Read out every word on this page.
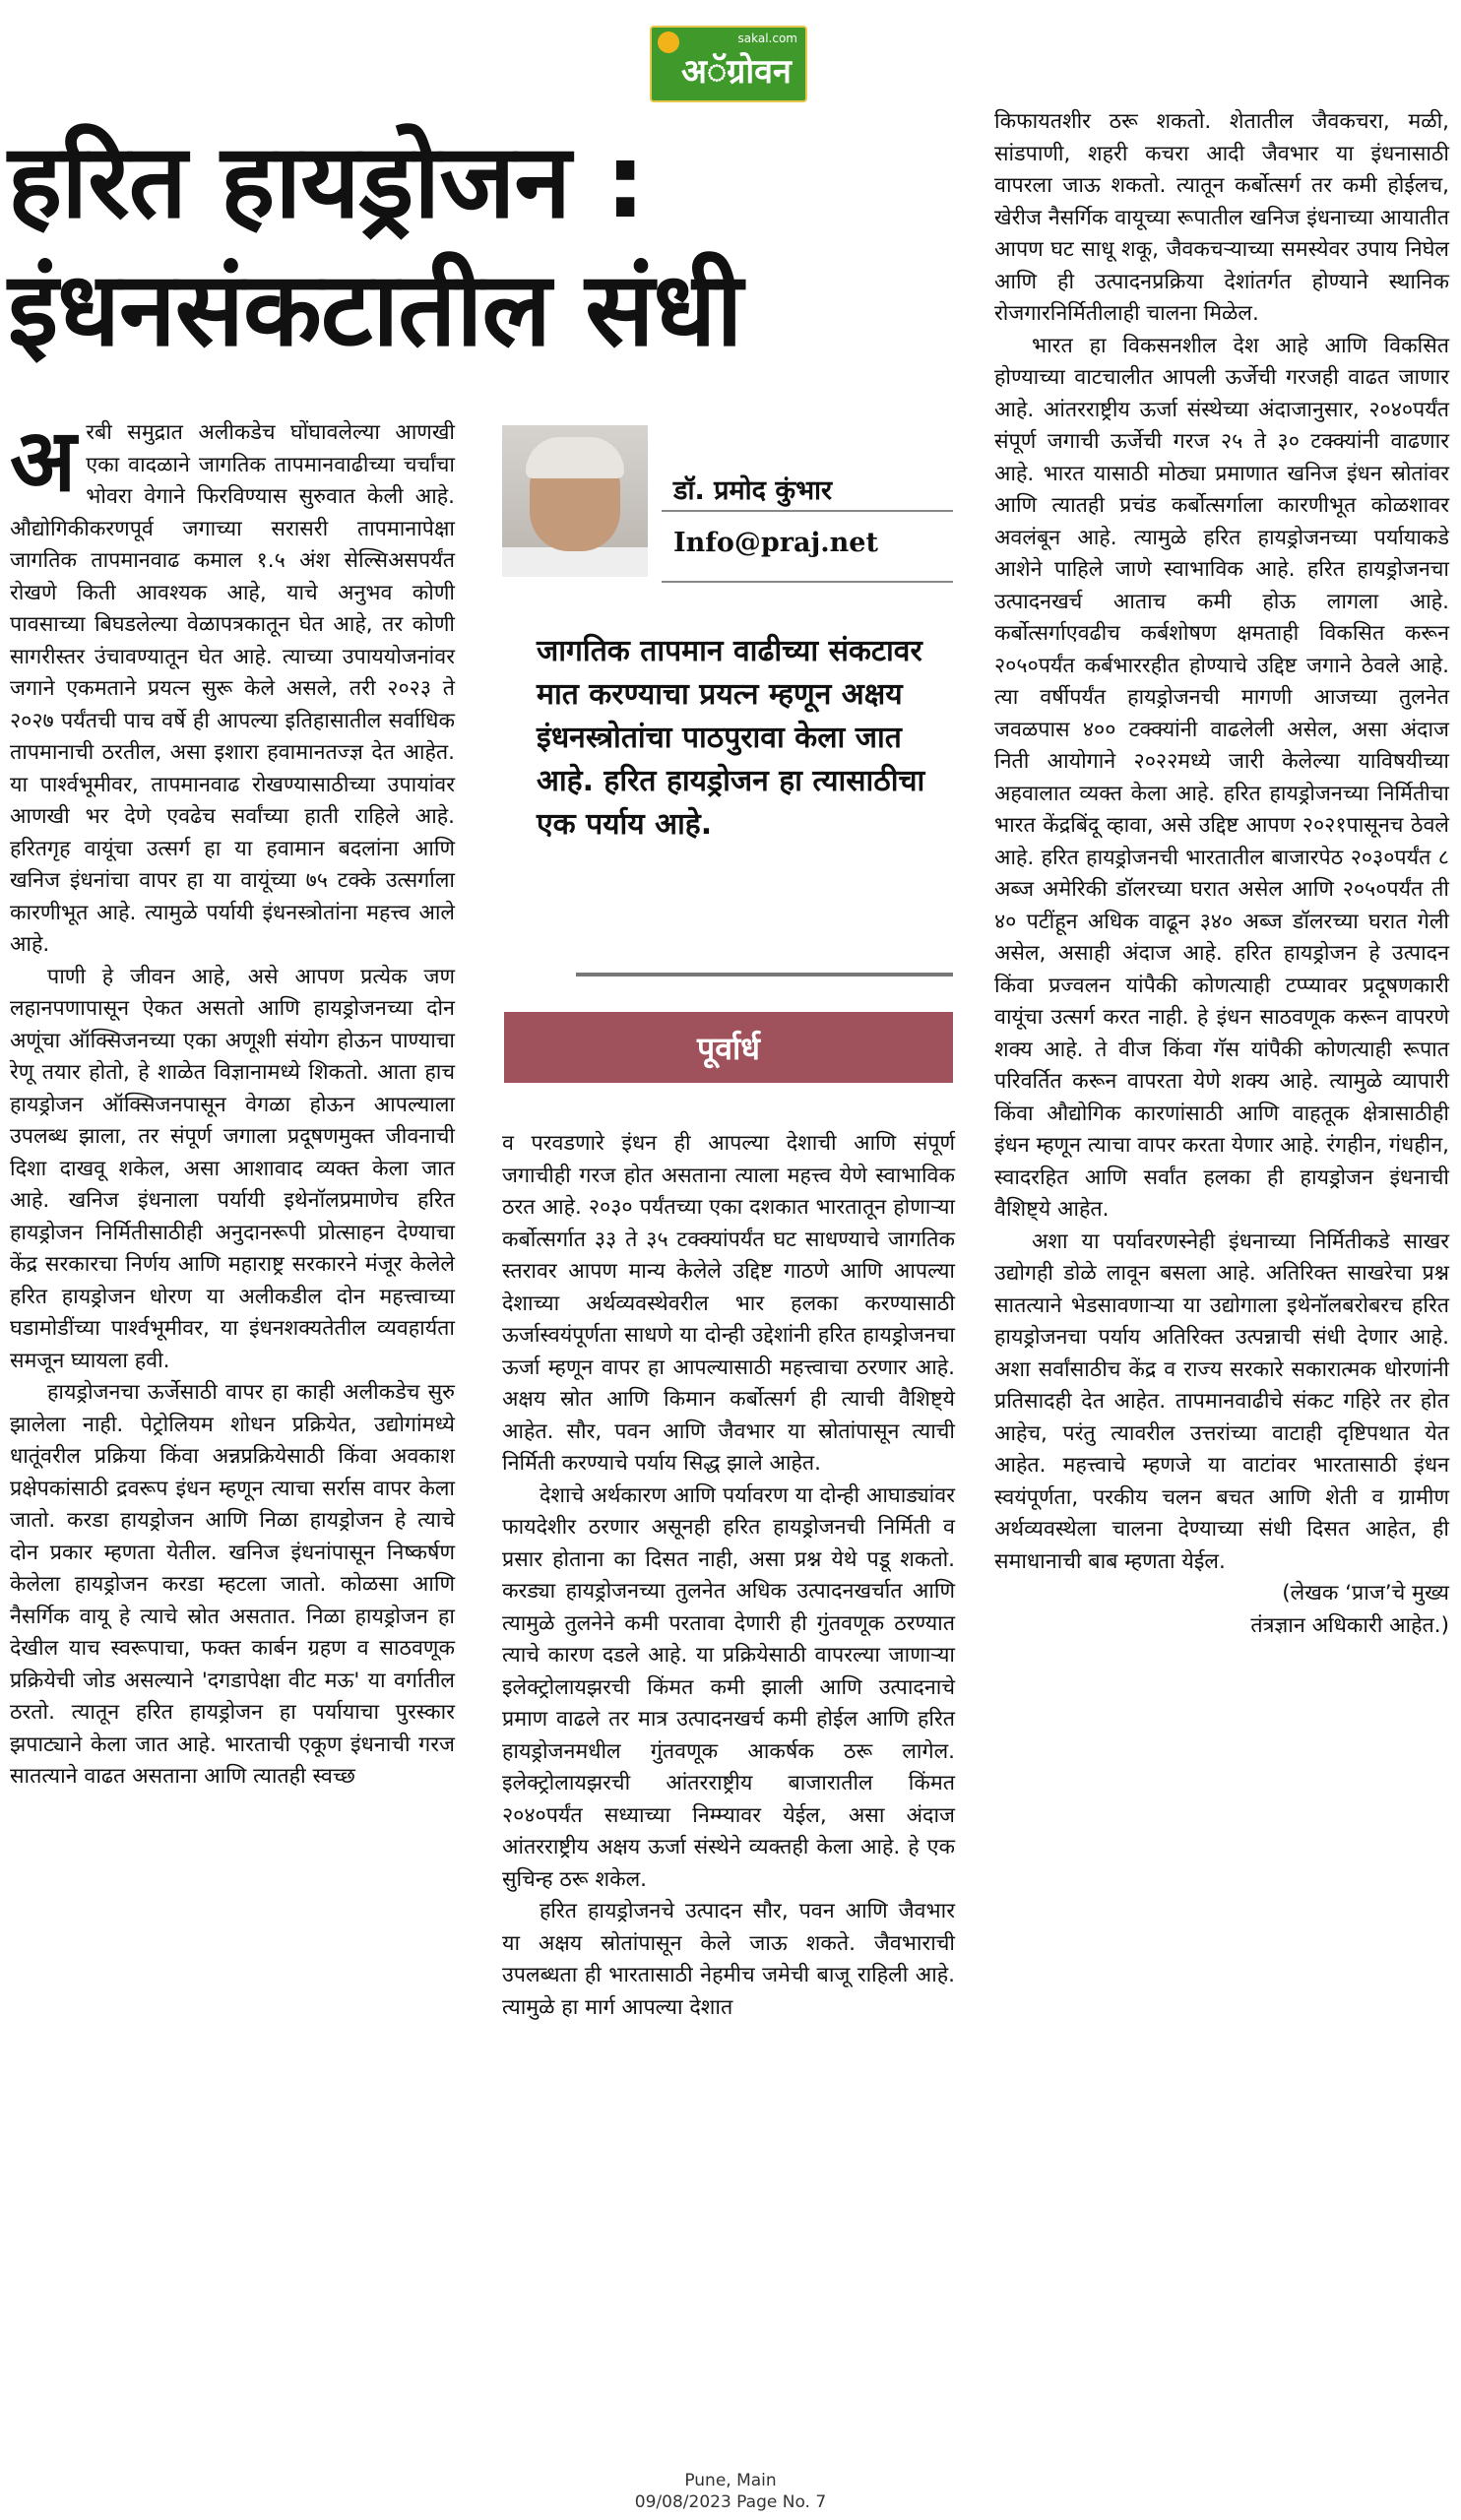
sakal.com
अॅग्रोवन
हरित हायड्रोजन :
इंधनसंकटातील संधी

अरबी समुद्रात अलीकडेच घोंघावलेल्या आणखी एका वादळाने जागतिक तापमानवाढीच्या चर्चांचा भोवरा वेगाने फिरविण्यास सुरुवात केली आहे. औद्योगिकीकरणपूर्व जगाच्या सरासरी तापमानापेक्षा जागतिक तापमानवाढ कमाल १.५ अंश सेल्सिअसपर्यंत रोखणे किती आवश्यक आहे, याचे अनुभव कोणी पावसाच्या बिघडलेल्या वेळापत्रकातून घेत आहे, तर कोणी सागरीस्तर उंचावण्यातून घेत आहे. त्याच्या उपाययोजनांवर जगाने एकमताने प्रयत्न सुरू केले असले, तरी २०२३ ते २०२७ पर्यंतची पाच वर्षे ही आपल्या इतिहासातील सर्वाधिक तापमानाची ठरतील, असा इशारा हवामानतज्ज्ञ देत आहेत. या पार्श्वभूमीवर, तापमानवाढ रोखण्यासाठीच्या उपायांवर आणखी भर देणे एवढेच सर्वांच्या हाती राहिले आहे. हरितगृह वायूंचा उत्सर्ग हा या हवामान बदलांना आणि खनिज इंधनांचा वापर हा या वायूंच्या ७५ टक्के उत्सर्गाला कारणीभूत आहे. त्यामुळे पर्यायी इंधनस्त्रोतांना महत्त्व आले आहे.

पाणी हे जीवन आहे, असे आपण प्रत्येक जण लहानपणापासून ऐकत असतो आणि हायड्रोजनच्या दोन अणूंचा ऑक्सिजनच्या एका अणूशी संयोग होऊन पाण्याचा रेणू तयार होतो, हे शाळेत विज्ञानामध्ये शिकतो. आता हाच हायड्रोजन ऑक्सिजनपासून वेगळा होऊन आपल्याला उपलब्ध झाला, तर संपूर्ण जगाला प्रदूषणमुक्त जीवनाची दिशा दाखवू शकेल, असा आशावाद व्यक्त केला जात आहे. खनिज इंधनाला पर्यायी इथेनॉलप्रमाणेच हरित हायड्रोजन निर्मितीसाठीही अनुदानरूपी प्रोत्साहन देण्याचा केंद्र सरकारचा निर्णय आणि महाराष्ट्र सरकारने मंजूर केलेले हरित हायड्रोजन धोरण या अलीकडील दोन महत्त्वाच्या घडामोडींच्या पार्श्वभूमीवर, या इंधनशक्यतेतील व्यवहार्यता समजून घ्यायला हवी.

हायड्रोजनचा ऊर्जेसाठी वापर हा काही अलीकडेच सुरु झालेला नाही. पेट्रोलियम शोधन प्रक्रियेत, उद्योगांमध्ये धातूंवरील प्रक्रिया किंवा अन्नप्रक्रियेसाठी किंवा अवकाश प्रक्षेपकांसाठी द्रवरूप इंधन म्हणून त्याचा सर्रास वापर केला जातो. करडा हायड्रोजन आणि निळा हायड्रोजन हे त्याचे दोन प्रकार म्हणता येतील. खनिज इंधनांपासून निष्कर्षण केलेला हायड्रोजन करडा म्हटला जातो. कोळसा आणि नैसर्गिक वायू हे त्याचे स्रोत असतात. निळा हायड्रोजन हा देखील याच स्वरूपाचा, फक्त कार्बन ग्रहण व साठवणूक प्रक्रियेची जोड असल्याने 'दगडापेक्षा वीट मऊ' या वर्गातील ठरतो. त्यातून हरित हायड्रोजन हा पर्यायाचा पुरस्कार झपाट्याने केला जात आहे. भारताची एकूण इंधनाची गरज सातत्याने वाढत असताना आणि त्यातही स्वच्छ

डॉ. प्रमोद कुंभार
Info@praj.net
जागतिक तापमान वाढीच्या संकटावर मात करण्याचा प्रयत्न म्हणून अक्षय इंधनस्त्रोतांचा पाठपुरावा केला जात आहे. हरित हायड्रोजन हा त्यासाठीचा एक पर्याय आहे.
पूर्वार्ध

व परवडणारे इंधन ही आपल्या देशाची आणि संपूर्ण जगाचीही गरज होत असताना त्याला महत्त्व येणे स्वाभाविक ठरत आहे. २०३० पर्यंतच्या एका दशकात भारतातून होणाऱ्या कर्बोत्सर्गात ३३ ते ३५ टक्क्यांपर्यंत घट साधण्याचे जागतिक स्तरावर आपण मान्य केलेले उद्दिष्ट गाठणे आणि आपल्या देशाच्या अर्थव्यवस्थेवरील भार हलका करण्यासाठी ऊर्जास्वयंपूर्णता साधणे या दोन्ही उद्देशांनी हरित हायड्रोजनचा ऊर्जा म्हणून वापर हा आपल्यासाठी महत्त्वाचा ठरणार आहे. अक्षय स्रोत आणि किमान कर्बोत्सर्ग ही त्याची वैशिष्ट्ये आहेत. सौर, पवन आणि जैवभार या स्रोतांपासून त्याची निर्मिती करण्याचे पर्याय सिद्ध झाले आहेत.

देशाचे अर्थकारण आणि पर्यावरण या दोन्ही आघाड्यांवर फायदेशीर ठरणार असूनही हरित हायड्रोजनची निर्मिती व प्रसार होताना का दिसत नाही, असा प्रश्न येथे पडू शकतो. करड्या हायड्रोजनच्या तुलनेत अधिक उत्पादनखर्चात आणि त्यामुळे तुलनेने कमी परतावा देणारी ही गुंतवणूक ठरण्यात त्याचे कारण दडले आहे. या प्रक्रियेसाठी वापरल्या जाणाऱ्या इलेक्ट्रोलायझरची किंमत कमी झाली आणि उत्पादनाचे प्रमाण वाढले तर मात्र उत्पादनखर्च कमी होईल आणि हरित हायड्रोजनमधील गुंतवणूक आकर्षक ठरू लागेल. इलेक्ट्रोलायझरची आंतरराष्ट्रीय बाजारातील किंमत २०४०पर्यंत सध्याच्या निम्म्यावर येईल, असा अंदाज आंतरराष्ट्रीय अक्षय ऊर्जा संस्थेने व्यक्तही केला आहे. हे एक सुचिन्ह ठरू शकेल.

हरित हायड्रोजनचे उत्पादन सौर, पवन आणि जैवभार या अक्षय स्रोतांपासून केले जाऊ शकते. जैवभाराची उपलब्धता ही भारतासाठी नेहमीच जमेची बाजू राहिली आहे. त्यामुळे हा मार्ग आपल्या देशात

किफायतशीर ठरू शकतो. शेतातील जैवकचरा, मळी, सांडपाणी, शहरी कचरा आदी जैवभार या इंधनासाठी वापरला जाऊ शकतो. त्यातून कर्बोत्सर्ग तर कमी होईलच, खेरीज नैसर्गिक वायूच्या रूपातील खनिज इंधनाच्या आयातीत आपण घट साधू शकू, जैवकचऱ्याच्या समस्येवर उपाय निघेल आणि ही उत्पादनप्रक्रिया देशांतर्गत होण्याने स्थानिक रोजगारनिर्मितीलाही चालना मिळेल.

भारत हा विकसनशील देश आहे आणि विकसित होण्याच्या वाटचालीत आपली ऊर्जेची गरजही वाढत जाणार आहे. आंतरराष्ट्रीय ऊर्जा संस्थेच्या अंदाजानुसार, २०४०पर्यंत संपूर्ण जगाची ऊर्जेची गरज २५ ते ३० टक्क्यांनी वाढणार आहे. भारत यासाठी मोठ्या प्रमाणात खनिज इंधन स्रोतांवर आणि त्यातही प्रचंड कर्बोत्सर्गाला कारणीभूत कोळशावर अवलंबून आहे. त्यामुळे हरित हायड्रोजनच्या पर्यायाकडे आशेने पाहिले जाणे स्वाभाविक आहे. हरित हायड्रोजनचा उत्पादनखर्च आताच कमी होऊ लागला आहे. कर्बोत्सर्गाएवढीच कर्बशोषण क्षमताही विकसित करून २०५०पर्यंत कर्बभाररहीत होण्याचे उद्दिष्ट जगाने ठेवले आहे. त्या वर्षीपर्यंत हायड्रोजनची मागणी आजच्या तुलनेत जवळपास ४०० टक्क्यांनी वाढलेली असेल, असा अंदाज निती आयोगाने २०२२मध्ये जारी केलेल्या याविषयीच्या अहवालात व्यक्त केला आहे. हरित हायड्रोजनच्या निर्मितीचा भारत केंद्रबिंदू व्हावा, असे उद्दिष्ट आपण २०२१पासूनच ठेवले आहे. हरित हायड्रोजनची भारतातील बाजारपेठ २०३०पर्यंत ८ अब्ज अमेरिकी डॉलरच्या घरात असेल आणि २०५०पर्यंत ती ४० पटींहून अधिक वाढून ३४० अब्ज डॉलरच्या घरात गेली असेल, असाही अंदाज आहे. हरित हायड्रोजन हे उत्पादन किंवा प्रज्वलन यांपैकी कोणत्याही टप्प्यावर प्रदूषणकारी वायूंचा उत्सर्ग करत नाही. हे इंधन साठवणूक करून वापरणे शक्य आहे. ते वीज किंवा गॅस यांपैकी कोणत्याही रूपात परिवर्तित करून वापरता येणे शक्य आहे. त्यामुळे व्यापारी किंवा औद्योगिक कारणांसाठी आणि वाहतूक क्षेत्रासाठीही इंधन म्हणून त्याचा वापर करता येणार आहे. रंगहीन, गंधहीन, स्वादरहित आणि सर्वांत हलका ही हायड्रोजन इंधनाची वैशिष्ट्ये आहेत.

अशा या पर्यावरणस्नेही इंधनाच्या निर्मितीकडे साखर उद्योगही डोळे लावून बसला आहे. अतिरिक्त साखरेचा प्रश्न सातत्याने भेडसावणाऱ्या या उद्योगाला इथेनॉलबरोबरच हरित हायड्रोजनचा पर्याय अतिरिक्त उत्पन्नाची संधी देणार आहे. अशा सर्वांसाठीच केंद्र व राज्य सरकारे सकारात्मक धोरणांनी प्रतिसादही देत आहेत. तापमानवाढीचे संकट गहिरे तर होत आहेच, परंतु त्यावरील उत्तरांच्या वाटाही दृष्टिपथात येत आहेत. महत्त्वाचे म्हणजे या वाटांवर भारतासाठी इंधन स्वयंपूर्णता, परकीय चलन बचत आणि शेती व ग्रामीण अर्थव्यवस्थेला चालना देण्याच्या संधी दिसत आहेत, ही समाधानाची बाब म्हणता येईल.

(लेखक ‘प्राज’चे मुख्य

तंत्रज्ञान अधिकारी आहेत.)

Pune, Main
09/08/2023 Page No. 7
